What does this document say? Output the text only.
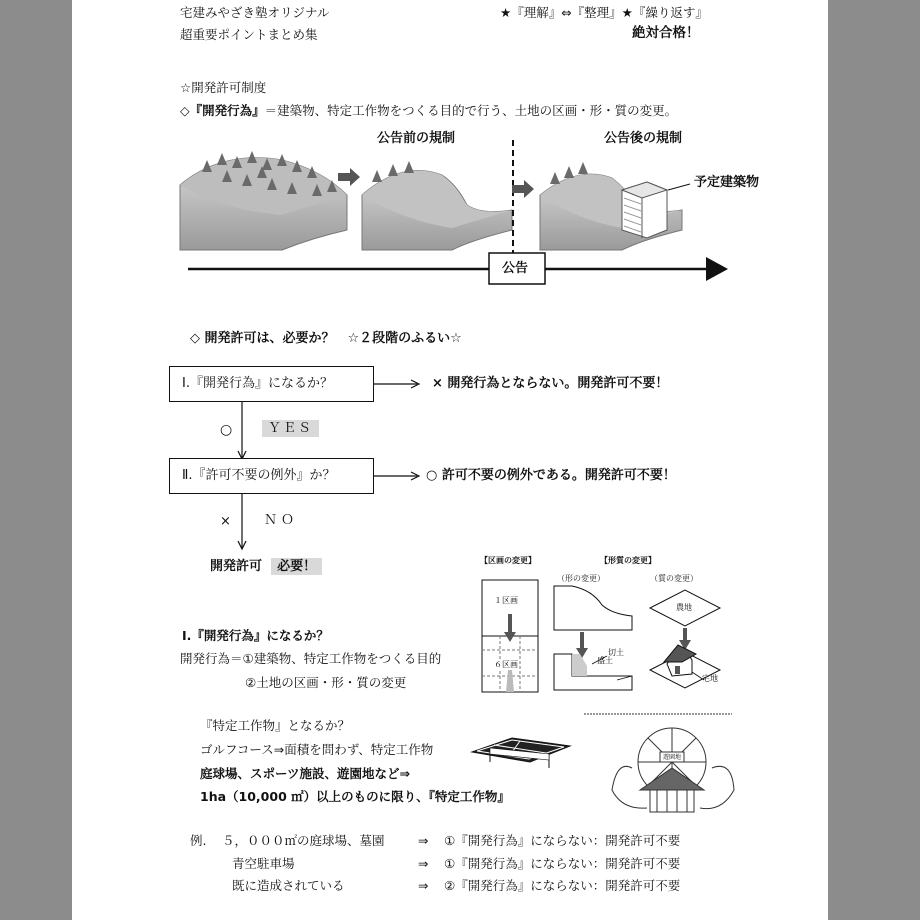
宅建みやざき塾オリジナル
超重要ポイントまとめ集
★『理解』⇔『整理』★『繰り返す』
絶対合格！
☆開発許可制度
◇『開発行為』＝建築物、特定工作物をつくる目的で行う、土地の区画・形・質の変更。
公告前の規制	公告後の規制
予定建築物
公告
◇ 開発許可は、必要か？　☆２段階のふるい☆
Ⅰ.『開発行為』になるか？	× 開発行為とならない。開発許可不要！
○	ＹＥＳ
Ⅱ.『許可不要の例外』か？	○ 許可不要の例外である。開発許可不要！
×	ＮＯ
開発許可 必要！
Ⅰ.『開発行為』になるか？
開発行為＝①建築物、特定工作物をつくる目的
②土地の区画・形・質の変更
【区画の変更】	【形質の変更】
（形の変更）	（質の変更）
１区画
６区画
切土
盛土
農地
宅地
『特定工作物』となるか？
ゴルフコース⇒面積を問わず、特定工作物
庭球場、スポーツ施設、遊園地など⇒
1ha（10,000 ㎡）以上のものに限り、『特定工作物』
遊園地
例. ５，０００㎡の庭球場、墓園	⇒ ①『開発行為』にならない：開発許可不要
青空駐車場	⇒ ①『開発行為』にならない：開発許可不要
既に造成されている	⇒ ②『開発行為』にならない：開発許可不要
